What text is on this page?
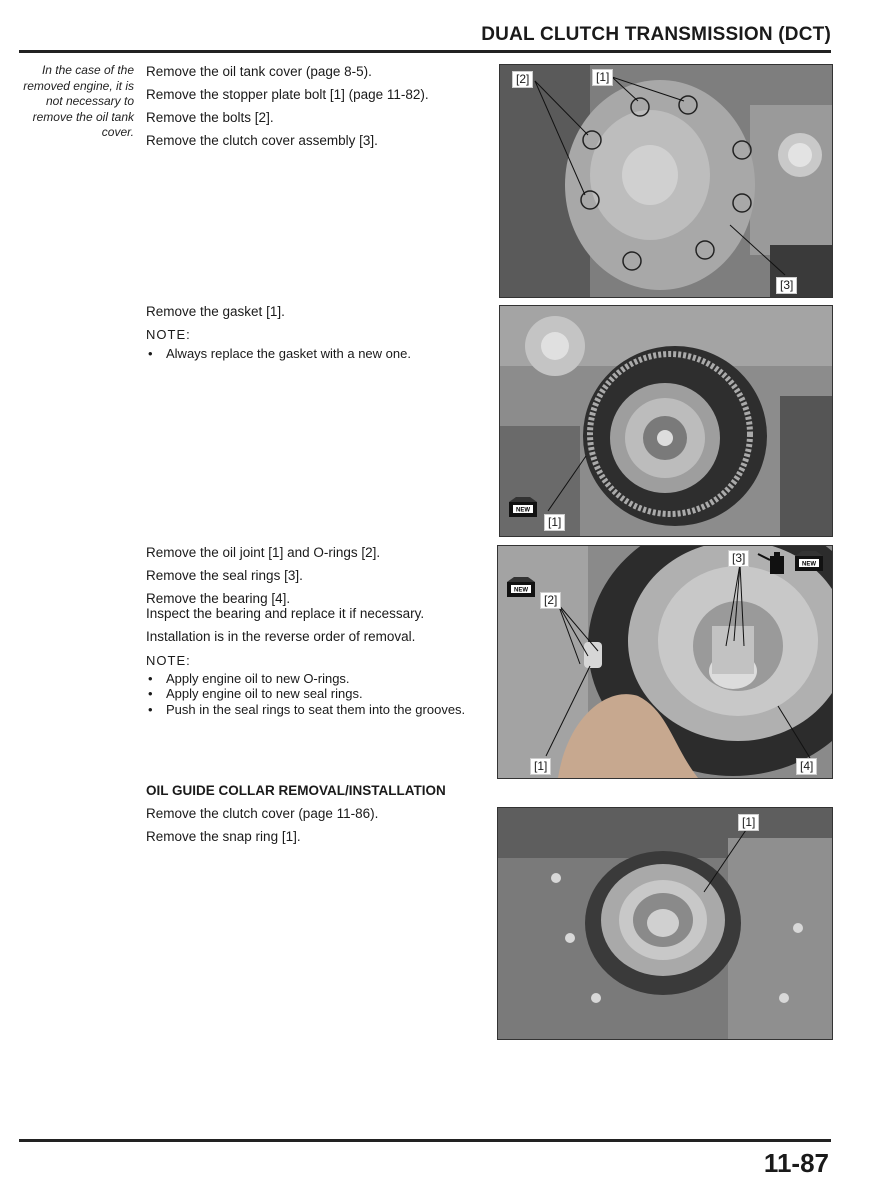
DUAL CLUTCH TRANSMISSION (DCT)
In the case of the removed engine, it is not necessary to remove the oil tank cover.
Remove the oil tank cover (page 8-5).
Remove the stopper plate bolt [1] (page 11-82).
Remove the bolts [2].
Remove the clutch cover assembly [3].
[2]	[1]
[3]
Remove the gasket [1].
NOTE:
• Always replace the gasket with a new one.
NEW
[1]
Remove the oil joint [1] and O-rings [2].
Remove the seal rings [3].
Remove the bearing [4].
Inspect the bearing and replace it if necessary.
Installation is in the reverse order of removal.
NOTE:
• Apply engine oil to new O-rings.
• Apply engine oil to new seal rings.
• Push in the seal rings to seat them into the grooves.
NEW
NEW
[3]
[2]
[1]	[4]
OIL GUIDE COLLAR REMOVAL/INSTALLATION
Remove the clutch cover (page 11-86).
Remove the snap ring [1].
[1]
11-87
